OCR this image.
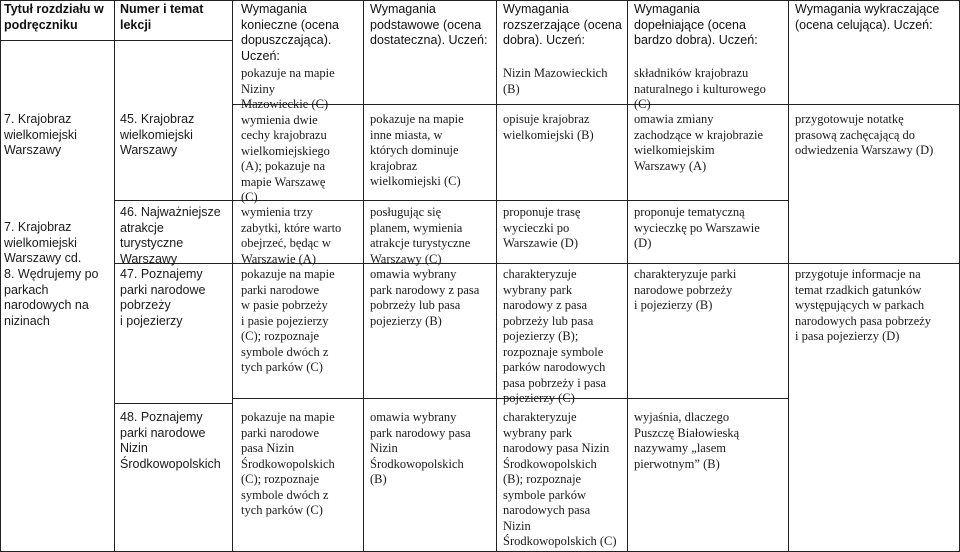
Tytuł rozdziału w
podręczniku
Numer i temat
lekcji
Wymagania
konieczne (ocena
dopuszczająca).
Uczeń:
Wymagania
podstawowe (ocena
dostateczna). Uczeń:
Wymagania
rozszerzające (ocena
dobra). Uczeń:
Wymagania
dopełniające (ocena
bardzo dobra). Uczeń:
Wymagania wykraczające
(ocena celująca). Uczeń:
7. Krajobraz
wielkomiejski
Warszawy
45. Krajobraz
wielkomiejski
Warszawy
pokazuje na mapie
Niziny
Mazowieckie (C)
wymienia dwie
cechy krajobrazu
wielkomiejskiego
(A); pokazuje na
mapie Warszawę
(C)
pokazuje na mapie
inne miasta, w
których dominuje
krajobraz
wielkomiejski (C)
Nizin Mazowieckich
(B)
opisuje krajobraz
wielkomiejski (B)
składników krajobrazu
naturalnego i kulturowego
(C)
omawia zmiany
zachodzące w krajobrazie
wielkomiejskim
Warszawy (A)
przygotowuje notatkę
prasową zachęcającą do
odwiedzenia Warszawy (D)
7. Krajobraz
wielkomiejski
Warszawy cd.
46. Najważniejsze
atrakcje
turystyczne
Warszawy
wymienia trzy
zabytki, które warto
obejrzeć, będąc w
Warszawie (A)
posługując się
planem, wymienia
atrakcje turystyczne
Warszawy (C)
proponuje trasę
wycieczki po
Warszawie (D)
proponuje tematyczną
wycieczkę po Warszawie
(D)
8. Wędrujemy po
parkach
narodowych na
nizinach
47. Poznajemy
parki narodowe
pobrzeży
i pojezierzy
pokazuje na mapie
parki narodowe
w pasie pobrzeży
i pasie pojezierzy
(C); rozpoznaje
symbole dwóch z
tych parków (C)
omawia wybrany
park narodowy z pasa
pobrzeży lub pasa
pojezierzy (B)
charakteryzuje
wybrany park
narodowy z pasa
pobrzeży lub pasa
pojezierzy (B);
rozpoznaje symbole
parków narodowych
pasa pobrzeży i pasa
pojezierzy (C)
charakteryzuje parki
narodowe pobrzeży
i pojezierzy (B)
przygotuje informacje na
temat rzadkich gatunków
występujących w parkach
narodowych pasa pobrzeży
i pasa pojezierzy (D)
48. Poznajemy
parki narodowe
Nizin
Środkowopolskich
pokazuje na mapie
parki narodowe
pasa Nizin
Środkowopolskich
(C); rozpoznaje
symbole dwóch z
tych parków (C)
omawia wybrany
park narodowy pasa
Nizin
Środkowopolskich
(B)
charakteryzuje
wybrany park
narodowy pasa Nizin
Środkowopolskich
(B); rozpoznaje
symbole parków
narodowych pasa
Nizin
Środkowopolskich (C)
wyjaśnia, dlaczego
Puszczę Białowieską
nazywamy „lasem
pierwotnym” (B)
